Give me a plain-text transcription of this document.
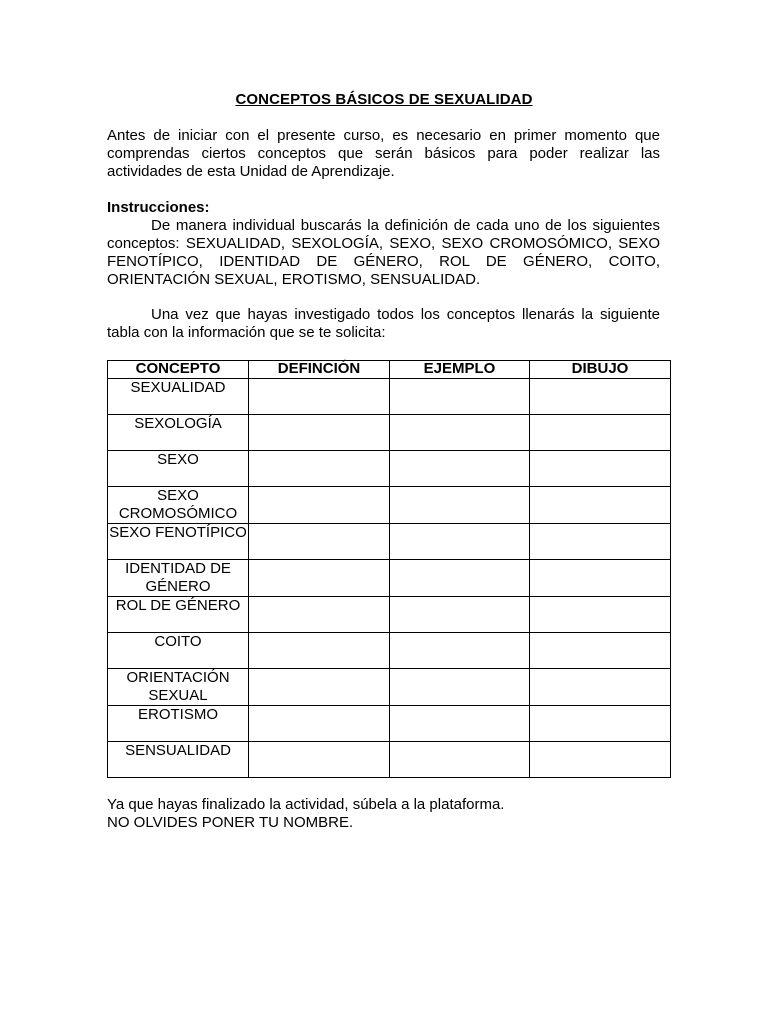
CONCEPTOS BÁSICOS DE SEXUALIDAD

Antes de iniciar con el presente curso, es necesario en primer momento que comprendas ciertos conceptos que serán básicos para poder realizar las actividades de esta Unidad de Aprendizaje.

Instrucciones:

De manera individual buscarás la definición de cada uno de los siguientes conceptos: SEXUALIDAD, SEXOLOGÍA, SEXO, SEXO CROMOSÓMICO, SEXO FENOTÍPICO, IDENTIDAD DE GÉNERO, ROL DE GÉNERO, COITO, ORIENTACIÓN SEXUAL, EROTISMO, SENSUALIDAD.

Una vez que hayas investigado todos los conceptos llenarás la siguiente tabla con la información que se te solicita:

CONCEPTO	DEFINCIÓN	EJEMPLO	DIBUJO
SEXUALIDAD			
SEXOLOGÍA			
SEXO			
SEXO CROMOSÓMICO			
SEXO FENOTÍPICO			
IDENTIDAD DE GÉNERO			
ROL DE GÉNERO			
COITO			
ORIENTACIÓN SEXUAL			
EROTISMO			
SENSUALIDAD			
Ya que hayas finalizado la actividad, súbela a la plataforma.
NO OLVIDES PONER TU NOMBRE.
